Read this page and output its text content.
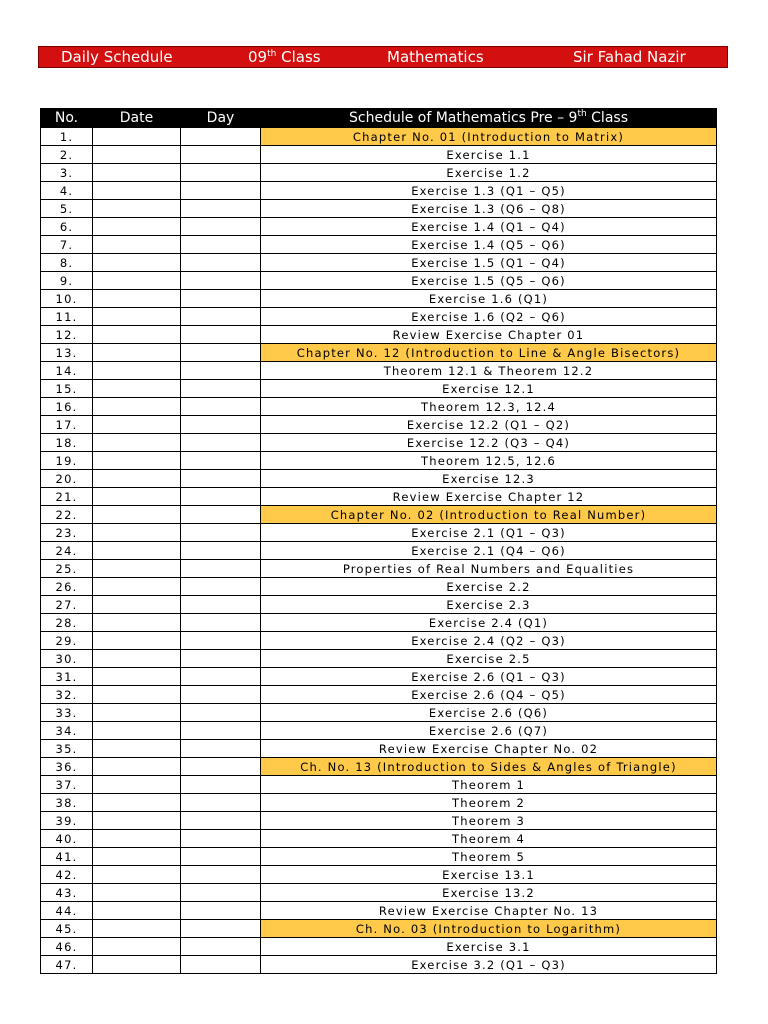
Daily Schedule	09th Class	Mathematics	Sir Fahad Nazir
No.	Date	Day	Schedule of Mathematics Pre – 9th Class
1.			Chapter No. 01 (Introduction to Matrix)
2.			Exercise 1.1
3.			Exercise 1.2
4.			Exercise 1.3 (Q1 – Q5)
5.			Exercise 1.3 (Q6 – Q8)
6.			Exercise 1.4 (Q1 – Q4)
7.			Exercise 1.4 (Q5 – Q6)
8.			Exercise 1.5 (Q1 – Q4)
9.			Exercise 1.5 (Q5 – Q6)
10.			Exercise 1.6 (Q1)
11.			Exercise 1.6 (Q2 – Q6)
12.			Review Exercise Chapter 01
13.			Chapter No. 12 (Introduction to Line & Angle Bisectors)
14.			Theorem 12.1 & Theorem 12.2
15.			Exercise 12.1
16.			Theorem 12.3, 12.4
17.			Exercise 12.2 (Q1 – Q2)
18.			Exercise 12.2 (Q3 – Q4)
19.			Theorem 12.5, 12.6
20.			Exercise 12.3
21.			Review Exercise Chapter 12
22.			Chapter No. 02 (Introduction to Real Number)
23.			Exercise 2.1 (Q1 – Q3)
24.			Exercise 2.1 (Q4 – Q6)
25.			Properties of Real Numbers and Equalities
26.			Exercise 2.2
27.			Exercise 2.3
28.			Exercise 2.4 (Q1)
29.			Exercise 2.4 (Q2 – Q3)
30.			Exercise 2.5
31.			Exercise 2.6 (Q1 – Q3)
32.			Exercise 2.6 (Q4 – Q5)
33.			Exercise 2.6 (Q6)
34.			Exercise 2.6 (Q7)
35.			Review Exercise Chapter No. 02
36.			Ch. No. 13 (Introduction to Sides & Angles of Triangle)
37.			Theorem 1
38.			Theorem 2
39.			Theorem 3
40.			Theorem 4
41.			Theorem 5
42.			Exercise 13.1
43.			Exercise 13.2
44.			Review Exercise Chapter No. 13
45.			Ch. No. 03 (Introduction to Logarithm)
46.			Exercise 3.1
47.			Exercise 3.2 (Q1 – Q3)
